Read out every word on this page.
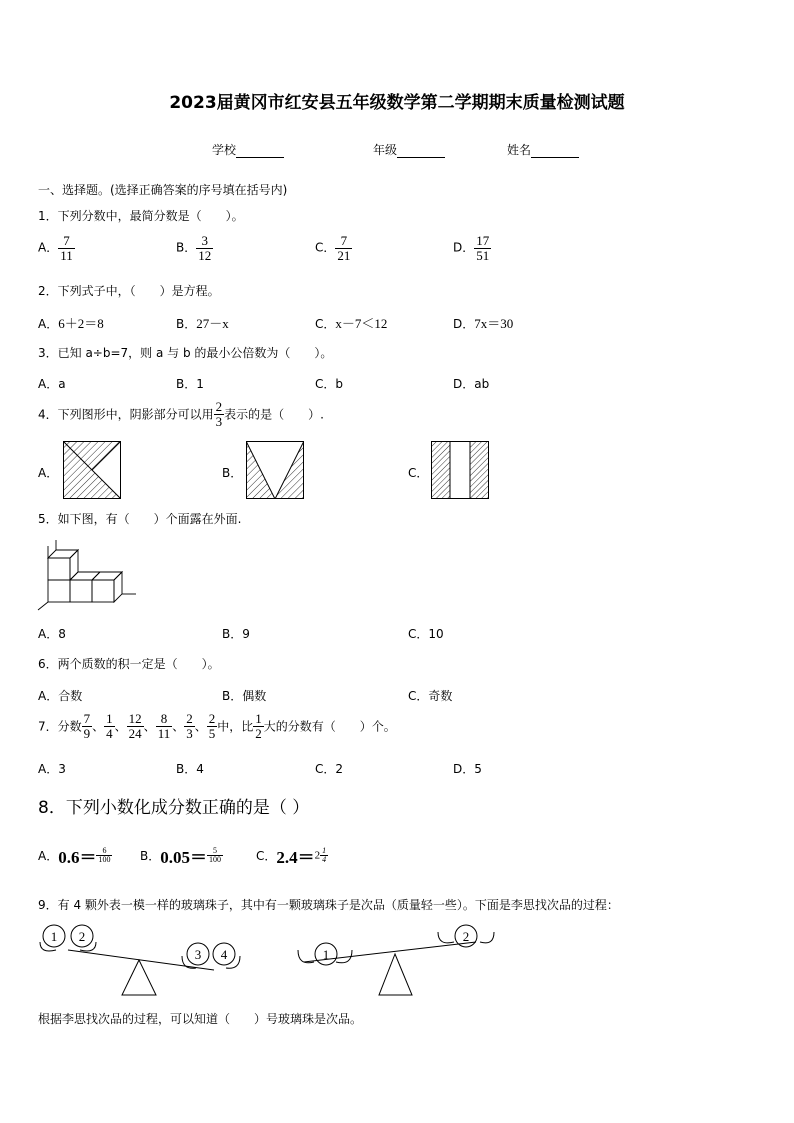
2023届黄冈市红安县五年级数学第二学期期末质量检测试题
学校	年级	姓名
一、选择题。(选择正确答案的序号填在括号内)
1．下列分数中，最简分数是（　　）。
A． $\frac{7}{11}$	B． $\frac{3}{12}$	C． $\frac{7}{21}$	D． $\frac{17}{51}$
2．下列式子中，（　　）是方程。
A．6＋2＝8	B．27－x	C．x－7＜12	D．7x＝30
3．已知 a÷b=7，则 a 与 b 的最小公倍数为（　　）。
A．a	B．1	C．b	D．ab
4．下列图形中，阴影部分可以用 $\frac{2}{3}$ 表示的是（　　）.
A．	B．	C．
5．如下图，有（　　）个面露在外面.
A．8	B．9	C．10
6．两个质数的积一定是（　　）。
A．合数	B．偶数	C．奇数
7．分数 $\frac{7}{9}$ 、 $\frac{1}{4}$ 、 $\frac{12}{24}$ 、 $\frac{8}{11}$ 、 $\frac{2}{3}$ 、 $\frac{2}{5}$ 中，比 $\frac{1}{2}$ 大的分数有（　　）个。
A．3	B．4	C．2	D．5
8．下列小数化成分数正确的是（ ）
A．$0.6= \frac{6}{100}$ B．$0.05= \frac{5}{100}$	C．$2.4=2 \frac{1}{4}$
9．有 4 颗外表一模一样的玻璃珠子，其中有一颗玻璃珠子是次品（质量轻一些）。下面是李思找次品的过程：
1 2
3 4	1
2
根据李思找次品的过程，可以知道（　　）号玻璃珠是次品。
